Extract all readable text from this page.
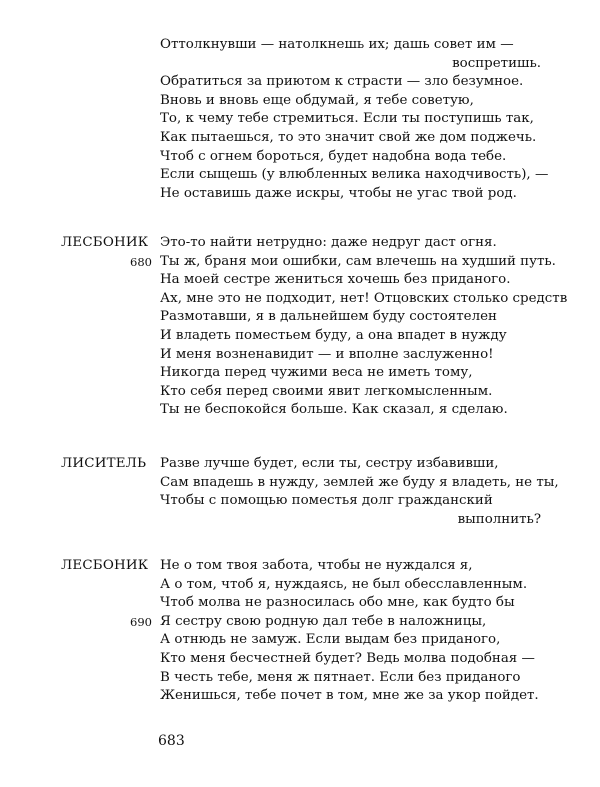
Оттолкнувши — натолкнешь их; дашь совет им —
воспретишь.
Обратиться за приютом к страсти — зло безумное.
Вновь и вновь еще обдумай, я тебе советую,
То, к чему тебе стремиться. Если ты поступишь так,
Как пытаешься, то это значит свой же дом поджечь.
Чтоб с огнем бороться, будет надобна вода тебе.
Если сыщешь (у влюбленных велика находчивость), —
Не оставишь даже искры, чтобы не угас твой род.
ЛЕСБОНИК Это-то найти нетрудно: даже недруг даст огня.
680 Ты ж, браня мои ошибки, сам влечешь на худший путь.
На моей сестре жениться хочешь без приданого.
Ах, мне это не подходит, нет! Отцовских столько средств
Размотавши, я в дальнейшем буду состоятелен
И владеть поместьем буду, а она впадет в нужду
И меня возненавидит — и вполне заслуженно!
Никогда перед чужими веса не иметь тому,
Кто себя перед своими явит легкомысленным.
Ты не беспокойся больше. Как сказал, я сделаю.
ЛИСИТЕЛЬ Разве лучше будет, если ты, сестру избавивши,
Сам впадешь в нужду, землей же буду я владеть, не ты,
Чтобы с помощью поместья долг гражданский
выполнить?
ЛЕСБОНИК Не о том твоя забота, чтобы не нуждался я,
А о том, чтоб я, нуждаясь, не был обесславленным.
Чтоб молва не разносилась обо мне, как будто бы
690 Я сестру свою родную дал тебе в наложницы,
А отнюдь не замуж. Если выдам без приданого,
Кто меня бесчестней будет? Ведь молва подобная —
В честь тебе, меня ж пятнает. Если без приданого
Женишься, тебе почет в том, мне же за укор пойдет.
683
